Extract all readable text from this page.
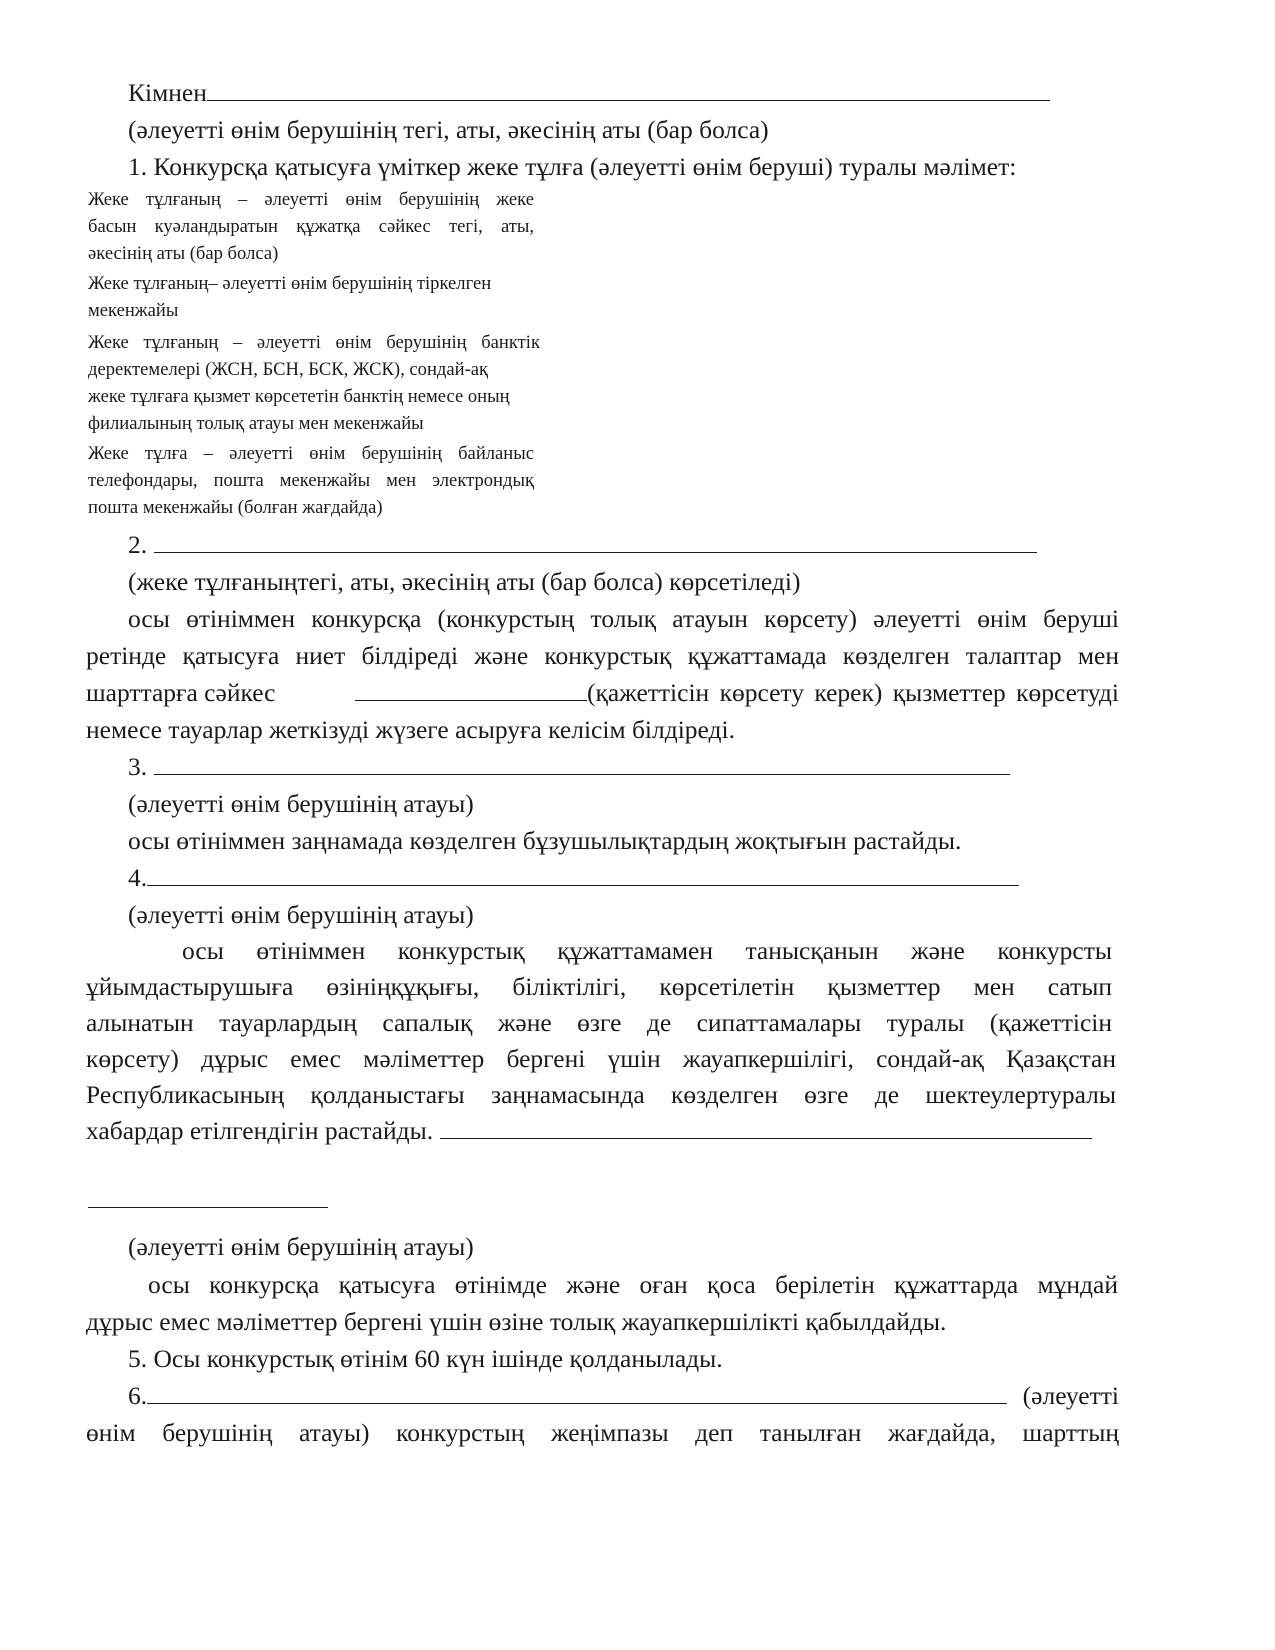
Кімнен
(әлеуетті өнім берушінің тегі, аты, әкесінің аты (бар болса)
1. Конкурсқа қатысуға үміткер жеке тұлға (әлеуетті өнім беруші) туралы мәлімет:
Жеке тұлғаның – әлеуетті өнім берушінің жеке
басын куәландыратын құжатқа сәйкес тегі, аты,
әкесінің аты (бар болса)
Жеке тұлғаның– әлеуетті өнім берушінің тіркелген
мекенжайы
Жеке тұлғаның – әлеуетті өнім берушінің банктік
деректемелері (ЖСН, БСН, БСК, ЖСК), сондай-ақ
жеке тұлғаға қызмет көрсететін банктің немесе оның
филиалының толық атауы мен мекенжайы
Жеке тұлға – әлеуетті өнім берушінің байланыс
телефондары, пошта мекенжайы мен электрондық
пошта мекенжайы (болған жағдайда)
2.
(жеке тұлғаныңтегі, аты, әкесінің аты (бар болса) көрсетіледі)
осы өтініммен конкурсқа (конкурстың толық атауын көрсету) әлеуетті өнім беруші
ретінде қатысуға ниет білдіреді және конкурстық құжаттамада көзделген талаптар мен
шарттарға сәйкес	(қажеттісін көрсету керек) қызметтер көрсетуді
немесе тауарлар жеткізуді жүзеге асыруға келісім білдіреді.
3.
(әлеуетті өнім берушінің атауы)
осы өтініммен заңнамада көзделген бұзушылықтардың жоқтығын растайды.
4.
(әлеуетті өнім берушінің атауы)
осы өтініммен конкурстық құжаттамамен танысқанын және конкурсты
ұйымдастырушыға өзініңқұқығы, біліктілігі, көрсетілетін қызметтер мен сатып
алынатын тауарлардың сапалық және өзге де сипаттамалары туралы (қажеттісін
көрсету) дұрыс емес мәліметтер бергені үшін жауапкершілігі, сондай-ақ Қазақстан
Республикасының қолданыстағы заңнамасында көзделген өзге де шектеулертуралы
хабардар етілгендігін растайды.
(әлеуетті өнім берушінің атауы)
осы конкурсқа қатысуға өтінімде және оған қоса берілетін құжаттарда мұндай
дұрыс емес мәліметтер бергені үшін өзіне толық жауапкершілікті қабылдайды.
5. Осы конкурстық өтінім 60 күн ішінде қолданылады.
6.	(әлеуетті
өнім берушінің атауы) конкурстың жеңімпазы деп танылған жағдайда, шарттың
